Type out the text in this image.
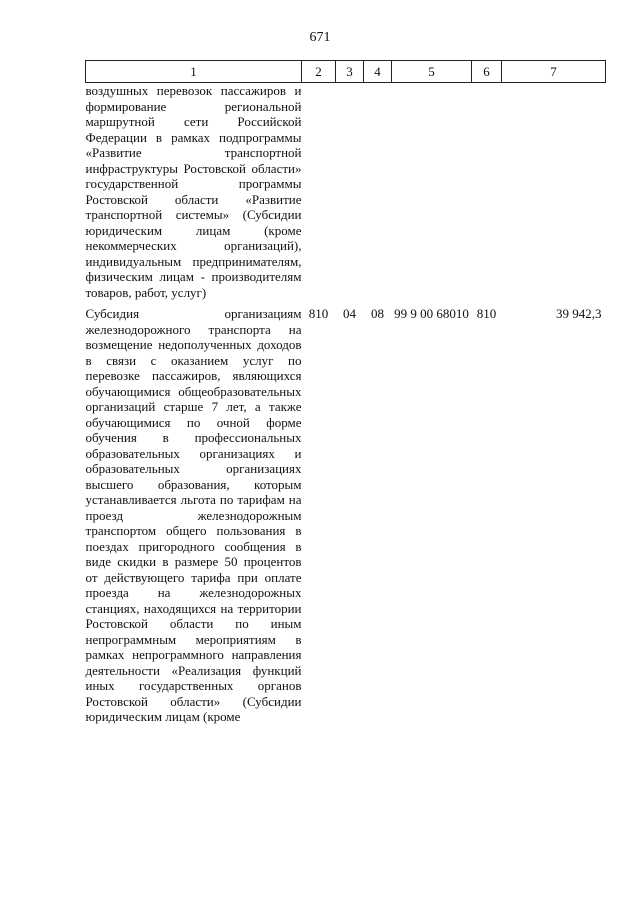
671
1	2	3	4	5	6	7
воздушных перевозок пассажиров и формирование региональной маршрутной сети Российской Федерации в рамках подпрограммы «Развитие транспортной инфраструктуры Ростовской области» государственной программы Ростовской области «Развитие транспортной системы» (Субсидии юридическим лицам (кроме некоммерческих организаций), индивидуальным предпринимателям, физическим лицам - производителям товаров, работ, услуг)						
Субсидия организациям железнодорожного транспорта на возмещение недополученных доходов в связи с оказанием услуг по перевозке пассажиров, являющихся обучающимися общеобразовательных организаций старше 7 лет, а также обучающимися по очной форме обучения в профессиональных образовательных организациях и образовательных организациях высшего образования, которым устанавливается льгота по тарифам на проезд железнодорожным транспортом общего пользования в поездах пригородного сообщения в виде скидки в размере 50 процентов от действующего тарифа при оплате проезда на железнодорожных станциях, находящихся на территории Ростовской области по иным непрограммным мероприятиям в рамках непрограммного направления деятельности «Реализация функций иных государственных органов Ростовской области» (Субсидии юридическим лицам (кроме	810	04	08	99 9 00 68010	810	39 942,3
